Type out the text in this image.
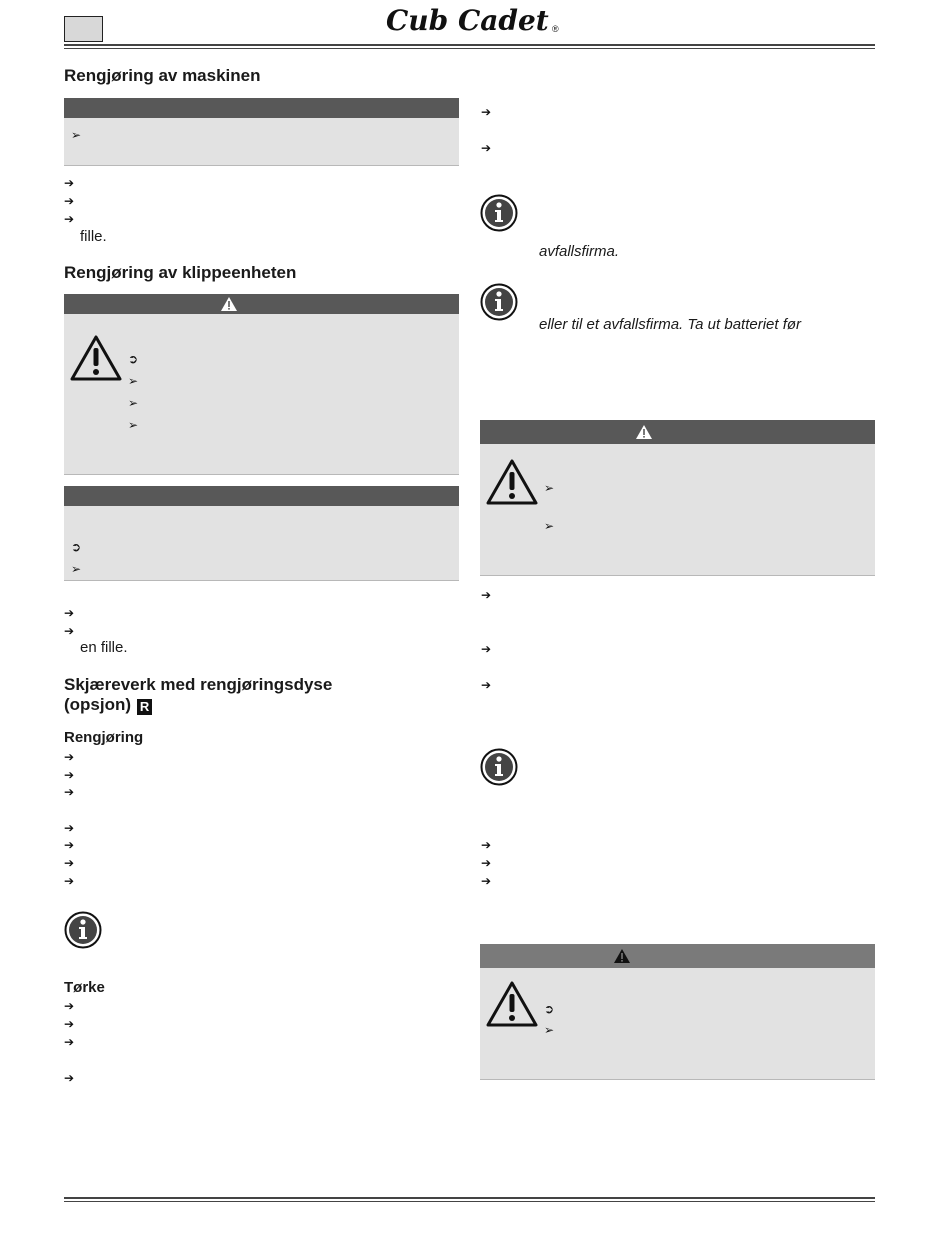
Cub Cadet ®
Rengjøring av maskinen
➢
➔
➔
➔
fille.
Rengjøring av klippeenheten
➲
➢
➢
➢
➲
➢
➔
➔
en fille.
Skjæreverk med rengjøringsdyse
(opsjon) R
Rengjøring
➔
➔
➔
➔
➔
➔
➔
Tørke
➔
➔
➔
➔
➔
➔
avfallsfirma.
eller til et avfallsfirma. Ta ut batteriet før
➢
➢
➔
➔
➔
➔
➔
➔
➲
➢
